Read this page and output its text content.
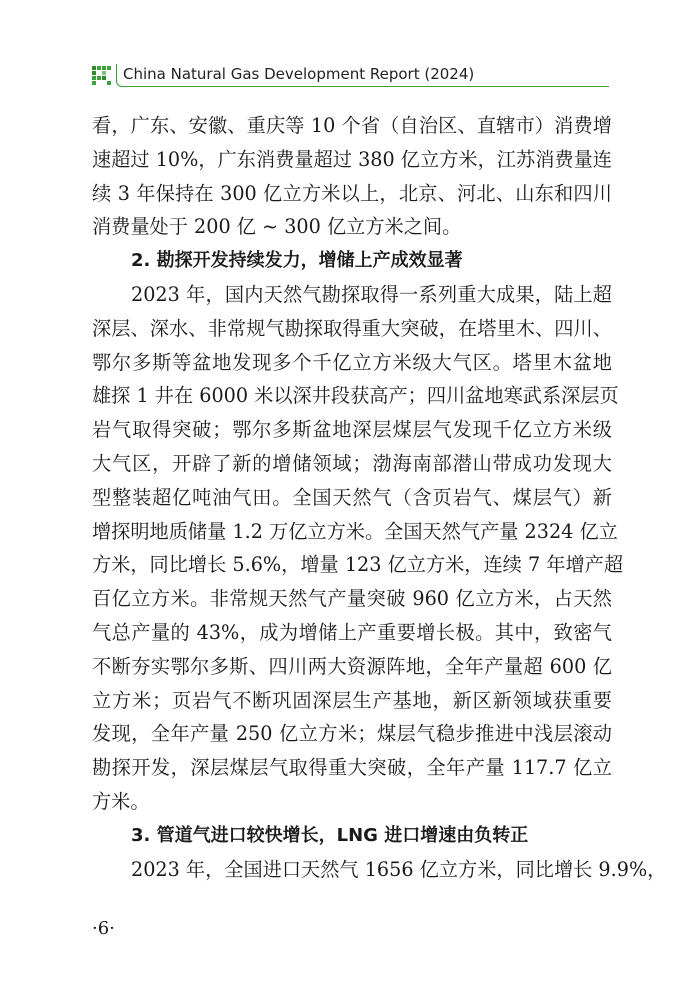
China Natural Gas Development Report (2024)
看，广东、安徽、重庆等 10 个省（自治区、直辖市）消费增
速超过 10%，广东消费量超过 380 亿立方米，江苏消费量连
续 3 年保持在 300 亿立方米以上，北京、河北、山东和四川
消费量处于 200 亿 ~ 300 亿立方米之间。
2. 勘探开发持续发力，增储上产成效显著
2023 年，国内天然气勘探取得一系列重大成果，陆上超
深层、深水、非常规气勘探取得重大突破，在塔里木、四川、
鄂尔多斯等盆地发现多个千亿立方米级大气区。塔里木盆地
雄探 1 井在 6000 米以深井段获高产；四川盆地寒武系深层页
岩气取得突破；鄂尔多斯盆地深层煤层气发现千亿立方米级
大气区，开辟了新的增储领域；渤海南部潜山带成功发现大
型整装超亿吨油气田。全国天然气（含页岩气、煤层气）新
增探明地质储量 1.2 万亿立方米。全国天然气产量 2324 亿立
方米，同比增长 5.6%，增量 123 亿立方米，连续 7 年增产超
百亿立方米。非常规天然气产量突破 960 亿立方米，占天然
气总产量的 43%，成为增储上产重要增长极。其中，致密气
不断夯实鄂尔多斯、四川两大资源阵地，全年产量超 600 亿
立方米；页岩气不断巩固深层生产基地，新区新领域获重要
发现，全年产量 250 亿立方米；煤层气稳步推进中浅层滚动
勘探开发，深层煤层气取得重大突破，全年产量 117.7 亿立
方米。
3. 管道气进口较快增长，LNG 进口增速由负转正
2023 年，全国进口天然气 1656 亿立方米，同比增长 9.9%，
·6·
